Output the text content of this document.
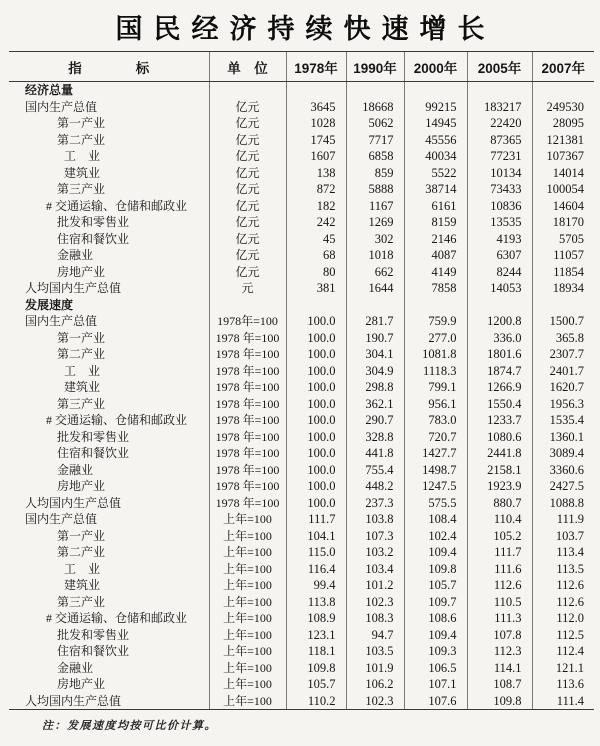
国民经济持续快速增长
指　　　　标	单　位	1978年	1990年	2000年	2005年	2007年
经济总量						
国内生产总值	亿元	3645	18668	99215	183217	249530
第一产业	亿元	1028	5062	14945	22420	28095
第二产业	亿元	1745	7717	45556	87365	121381
工　业	亿元	1607	6858	40034	77231	107367
建筑业	亿元	138	859	5522	10134	14014
第三产业	亿元	872	5888	38714	73433	100054
# 交通运输、仓储和邮政业	亿元	182	1167	6161	10836	14604
批发和零售业	亿元	242	1269	8159	13535	18170
住宿和餐饮业	亿元	45	302	2146	4193	5705
金融业	亿元	68	1018	4087	6307	11057
房地产业	亿元	80	662	4149	8244	11854
人均国内生产总值	元	381	1644	7858	14053	18934
发展速度						
国内生产总值	1978年=100	100.0	281.7	759.9	1200.8	1500.7
第一产业	1978 年=100	100.0	190.7	277.0	336.0	365.8
第二产业	1978 年=100	100.0	304.1	1081.8	1801.6	2307.7
工　业	1978 年=100	100.0	304.9	1118.3	1874.7	2401.7
建筑业	1978 年=100	100.0	298.8	799.1	1266.9	1620.7
第三产业	1978 年=100	100.0	362.1	956.1	1550.4	1956.3
# 交通运输、仓储和邮政业	1978 年=100	100.0	290.7	783.0	1233.7	1535.4
批发和零售业	1978 年=100	100.0	328.8	720.7	1080.6	1360.1
住宿和餐饮业	1978 年=100	100.0	441.8	1427.7	2441.8	3089.4
金融业	1978 年=100	100.0	755.4	1498.7	2158.1	3360.6
房地产业	1978 年=100	100.0	448.2	1247.5	1923.9	2427.5
人均国内生产总值	1978 年=100	100.0	237.3	575.5	880.7	1088.8
国内生产总值	上年=100	111.7	103.8	108.4	110.4	111.9
第一产业	上年=100	104.1	107.3	102.4	105.2	103.7
第二产业	上年=100	115.0	103.2	109.4	111.7	113.4
工　业	上年=100	116.4	103.4	109.8	111.6	113.5
建筑业	上年=100	99.4	101.2	105.7	112.6	112.6
第三产业	上年=100	113.8	102.3	109.7	110.5	112.6
# 交通运输、仓储和邮政业	上年=100	108.9	108.3	108.6	111.3	112.0
批发和零售业	上年=100	123.1	94.7	109.4	107.8	112.5
住宿和餐饮业	上年=100	118.1	103.5	109.3	112.3	112.4
金融业	上年=100	109.8	101.9	106.5	114.1	121.1
房地产业	上年=100	105.7	106.2	107.1	108.7	113.6
人均国内生产总值	上年=100	110.2	102.3	107.6	109.8	111.4
注：发展速度均按可比价计算。
